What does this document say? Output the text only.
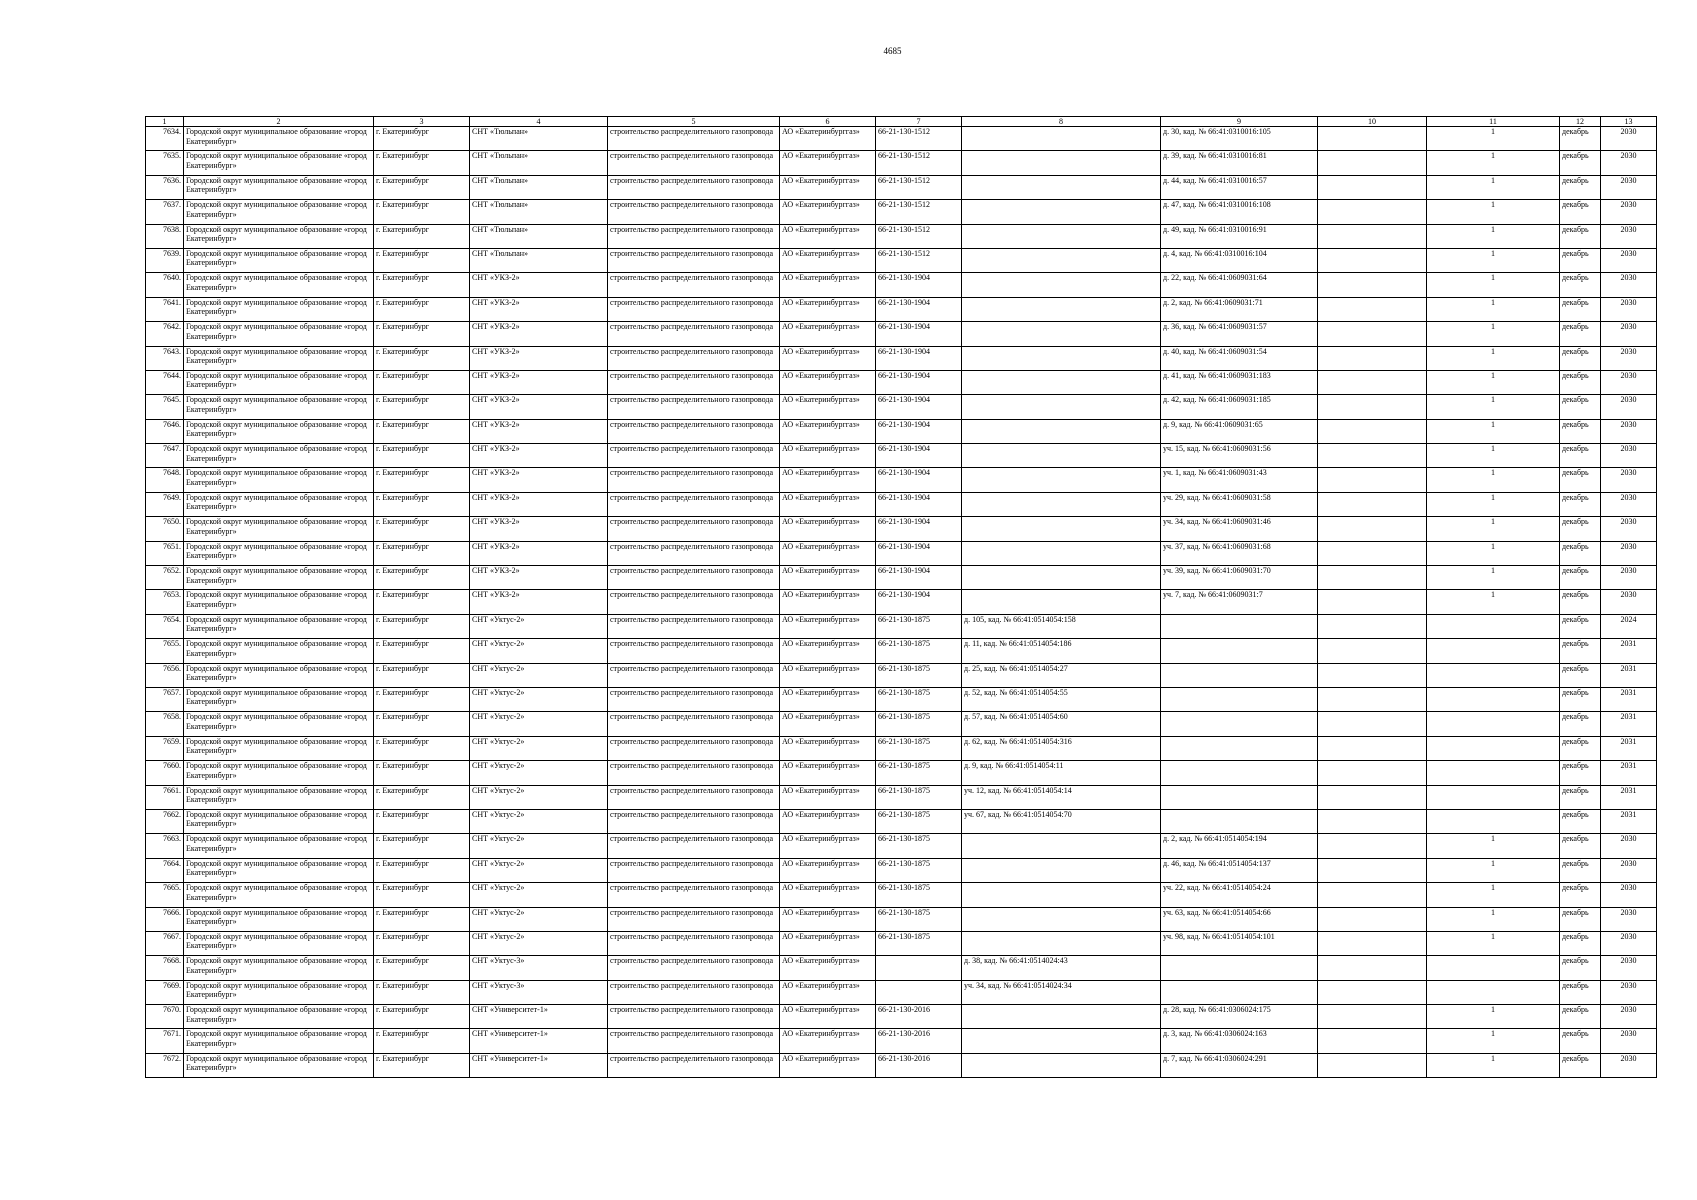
4685
1	2	3	4	5	6	7	8	9	10	11	12	13
7634.	Городской округ муниципальное образование «город Екатеринбург»	г. Екатеринбург	СНТ «Тюльпан»	строительство распределительного газопровода	АО «Екатеринбурггаз»	66-21-130-1512		д. 30, кад. № 66:41:0310016:105		1	декабрь	2030
7635.	Городской округ муниципальное образование «город Екатеринбург»	г. Екатеринбург	СНТ «Тюльпан»	строительство распределительного газопровода	АО «Екатеринбурггаз»	66-21-130-1512		д. 39, кад. № 66:41:0310016:81		1	декабрь	2030
7636.	Городской округ муниципальное образование «город Екатеринбург»	г. Екатеринбург	СНТ «Тюльпан»	строительство распределительного газопровода	АО «Екатеринбурггаз»	66-21-130-1512		д. 44, кад. № 66:41:0310016:57		1	декабрь	2030
7637.	Городской округ муниципальное образование «город Екатеринбург»	г. Екатеринбург	СНТ «Тюльпан»	строительство распределительного газопровода	АО «Екатеринбурггаз»	66-21-130-1512		д. 47, кад. № 66:41:0310016:108		1	декабрь	2030
7638.	Городской округ муниципальное образование «город Екатеринбург»	г. Екатеринбург	СНТ «Тюльпан»	строительство распределительного газопровода	АО «Екатеринбурггаз»	66-21-130-1512		д. 49, кад. № 66:41:0310016:91		1	декабрь	2030
7639.	Городской округ муниципальное образование «город Екатеринбург»	г. Екатеринбург	СНТ «Тюльпан»	строительство распределительного газопровода	АО «Екатеринбурггаз»	66-21-130-1512		д. 4, кад. № 66:41:0310016:104		1	декабрь	2030
7640.	Городской округ муниципальное образование «город Екатеринбург»	г. Екатеринбург	СНТ «УКЗ-2»	строительство распределительного газопровода	АО «Екатеринбурггаз»	66-21-130-1904		д. 22, кад. № 66:41:0609031:64		1	декабрь	2030
7641.	Городской округ муниципальное образование «город Екатеринбург»	г. Екатеринбург	СНТ «УКЗ-2»	строительство распределительного газопровода	АО «Екатеринбурггаз»	66-21-130-1904		д. 2, кад. № 66:41:0609031:71		1	декабрь	2030
7642.	Городской округ муниципальное образование «город Екатеринбург»	г. Екатеринбург	СНТ «УКЗ-2»	строительство распределительного газопровода	АО «Екатеринбурггаз»	66-21-130-1904		д. 36, кад. № 66:41:0609031:57		1	декабрь	2030
7643.	Городской округ муниципальное образование «город Екатеринбург»	г. Екатеринбург	СНТ «УКЗ-2»	строительство распределительного газопровода	АО «Екатеринбурггаз»	66-21-130-1904		д. 40, кад. № 66:41:0609031:54		1	декабрь	2030
7644.	Городской округ муниципальное образование «город Екатеринбург»	г. Екатеринбург	СНТ «УКЗ-2»	строительство распределительного газопровода	АО «Екатеринбурггаз»	66-21-130-1904		д. 41, кад. № 66:41:0609031:183		1	декабрь	2030
7645.	Городской округ муниципальное образование «город Екатеринбург»	г. Екатеринбург	СНТ «УКЗ-2»	строительство распределительного газопровода	АО «Екатеринбурггаз»	66-21-130-1904		д. 42, кад. № 66:41:0609031:185		1	декабрь	2030
7646.	Городской округ муниципальное образование «город Екатеринбург»	г. Екатеринбург	СНТ «УКЗ-2»	строительство распределительного газопровода	АО «Екатеринбурггаз»	66-21-130-1904		д. 9, кад. № 66:41:0609031:65		1	декабрь	2030
7647.	Городской округ муниципальное образование «город Екатеринбург»	г. Екатеринбург	СНТ «УКЗ-2»	строительство распределительного газопровода	АО «Екатеринбурггаз»	66-21-130-1904		уч. 15, кад. № 66:41:0609031:56		1	декабрь	2030
7648.	Городской округ муниципальное образование «город Екатеринбург»	г. Екатеринбург	СНТ «УКЗ-2»	строительство распределительного газопровода	АО «Екатеринбурггаз»	66-21-130-1904		уч. 1, кад. № 66:41:0609031:43		1	декабрь	2030
7649.	Городской округ муниципальное образование «город Екатеринбург»	г. Екатеринбург	СНТ «УКЗ-2»	строительство распределительного газопровода	АО «Екатеринбурггаз»	66-21-130-1904		уч. 29, кад. № 66:41:0609031:58		1	декабрь	2030
7650.	Городской округ муниципальное образование «город Екатеринбург»	г. Екатеринбург	СНТ «УКЗ-2»	строительство распределительного газопровода	АО «Екатеринбурггаз»	66-21-130-1904		уч. 34, кад. № 66:41:0609031:46		1	декабрь	2030
7651.	Городской округ муниципальное образование «город Екатеринбург»	г. Екатеринбург	СНТ «УКЗ-2»	строительство распределительного газопровода	АО «Екатеринбурггаз»	66-21-130-1904		уч. 37, кад. № 66:41:0609031:68		1	декабрь	2030
7652.	Городской округ муниципальное образование «город Екатеринбург»	г. Екатеринбург	СНТ «УКЗ-2»	строительство распределительного газопровода	АО «Екатеринбурггаз»	66-21-130-1904		уч. 39, кад. № 66:41:0609031:70		1	декабрь	2030
7653.	Городской округ муниципальное образование «город Екатеринбург»	г. Екатеринбург	СНТ «УКЗ-2»	строительство распределительного газопровода	АО «Екатеринбурггаз»	66-21-130-1904		уч. 7, кад. № 66:41:0609031:7		1	декабрь	2030
7654.	Городской округ муниципальное образование «город Екатеринбург»	г. Екатеринбург	СНТ «Уктус-2»	строительство распределительного газопровода	АО «Екатеринбурггаз»	66-21-130-1875	д. 105, кад. № 66:41:0514054:158				декабрь	2024
7655.	Городской округ муниципальное образование «город Екатеринбург»	г. Екатеринбург	СНТ «Уктус-2»	строительство распределительного газопровода	АО «Екатеринбурггаз»	66-21-130-1875	д. 11, кад. № 66:41:0514054:186				декабрь	2031
7656.	Городской округ муниципальное образование «город Екатеринбург»	г. Екатеринбург	СНТ «Уктус-2»	строительство распределительного газопровода	АО «Екатеринбурггаз»	66-21-130-1875	д. 25, кад. № 66:41:0514054:27				декабрь	2031
7657.	Городской округ муниципальное образование «город Екатеринбург»	г. Екатеринбург	СНТ «Уктус-2»	строительство распределительного газопровода	АО «Екатеринбурггаз»	66-21-130-1875	д. 52, кад. № 66:41:0514054:55				декабрь	2031
7658.	Городской округ муниципальное образование «город Екатеринбург»	г. Екатеринбург	СНТ «Уктус-2»	строительство распределительного газопровода	АО «Екатеринбурггаз»	66-21-130-1875	д. 57, кад. № 66:41:0514054:60				декабрь	2031
7659.	Городской округ муниципальное образование «город Екатеринбург»	г. Екатеринбург	СНТ «Уктус-2»	строительство распределительного газопровода	АО «Екатеринбурггаз»	66-21-130-1875	д. 62, кад. № 66:41:0514054:316				декабрь	2031
7660.	Городской округ муниципальное образование «город Екатеринбург»	г. Екатеринбург	СНТ «Уктус-2»	строительство распределительного газопровода	АО «Екатеринбурггаз»	66-21-130-1875	д. 9, кад. № 66:41:0514054:11				декабрь	2031
7661.	Городской округ муниципальное образование «город Екатеринбург»	г. Екатеринбург	СНТ «Уктус-2»	строительство распределительного газопровода	АО «Екатеринбурггаз»	66-21-130-1875	уч. 12, кад. № 66:41:0514054:14				декабрь	2031
7662.	Городской округ муниципальное образование «город Екатеринбург»	г. Екатеринбург	СНТ «Уктус-2»	строительство распределительного газопровода	АО «Екатеринбурггаз»	66-21-130-1875	уч. 67, кад. № 66:41:0514054:70				декабрь	2031
7663.	Городской округ муниципальное образование «город Екатеринбург»	г. Екатеринбург	СНТ «Уктус-2»	строительство распределительного газопровода	АО «Екатеринбурггаз»	66-21-130-1875		д. 2, кад. № 66:41:0514054:194		1	декабрь	2030
7664.	Городской округ муниципальное образование «город Екатеринбург»	г. Екатеринбург	СНТ «Уктус-2»	строительство распределительного газопровода	АО «Екатеринбурггаз»	66-21-130-1875		д. 46, кад. № 66:41:0514054:137		1	декабрь	2030
7665.	Городской округ муниципальное образование «город Екатеринбург»	г. Екатеринбург	СНТ «Уктус-2»	строительство распределительного газопровода	АО «Екатеринбурггаз»	66-21-130-1875		уч. 22, кад. № 66:41:0514054:24		1	декабрь	2030
7666.	Городской округ муниципальное образование «город Екатеринбург»	г. Екатеринбург	СНТ «Уктус-2»	строительство распределительного газопровода	АО «Екатеринбурггаз»	66-21-130-1875		уч. 63, кад. № 66:41:0514054:66		1	декабрь	2030
7667.	Городской округ муниципальное образование «город Екатеринбург»	г. Екатеринбург	СНТ «Уктус-2»	строительство распределительного газопровода	АО «Екатеринбурггаз»	66-21-130-1875		уч. 98, кад. № 66:41:0514054:101		1	декабрь	2030
7668.	Городской округ муниципальное образование «город Екатеринбург»	г. Екатеринбург	СНТ «Уктус-3»	строительство распределительного газопровода	АО «Екатеринбурггаз»		д. 38, кад. № 66:41:0514024:43				декабрь	2030
7669.	Городской округ муниципальное образование «город Екатеринбург»	г. Екатеринбург	СНТ «Уктус-3»	строительство распределительного газопровода	АО «Екатеринбурггаз»		уч. 34, кад. № 66:41:0514024:34				декабрь	2030
7670.	Городской округ муниципальное образование «город Екатеринбург»	г. Екатеринбург	СНТ «Университет-1»	строительство распределительного газопровода	АО «Екатеринбурггаз»	66-21-130-2016		д. 28, кад. № 66:41:0306024:175		1	декабрь	2030
7671.	Городской округ муниципальное образование «город Екатеринбург»	г. Екатеринбург	СНТ «Университет-1»	строительство распределительного газопровода	АО «Екатеринбурггаз»	66-21-130-2016		д. 3, кад. № 66:41:0306024:163		1	декабрь	2030
7672.	Городской округ муниципальное образование «город Екатеринбург»	г. Екатеринбург	СНТ «Университет-1»	строительство распределительного газопровода	АО «Екатеринбурггаз»	66-21-130-2016		д. 7, кад. № 66:41:0306024:291		1	декабрь	2030
